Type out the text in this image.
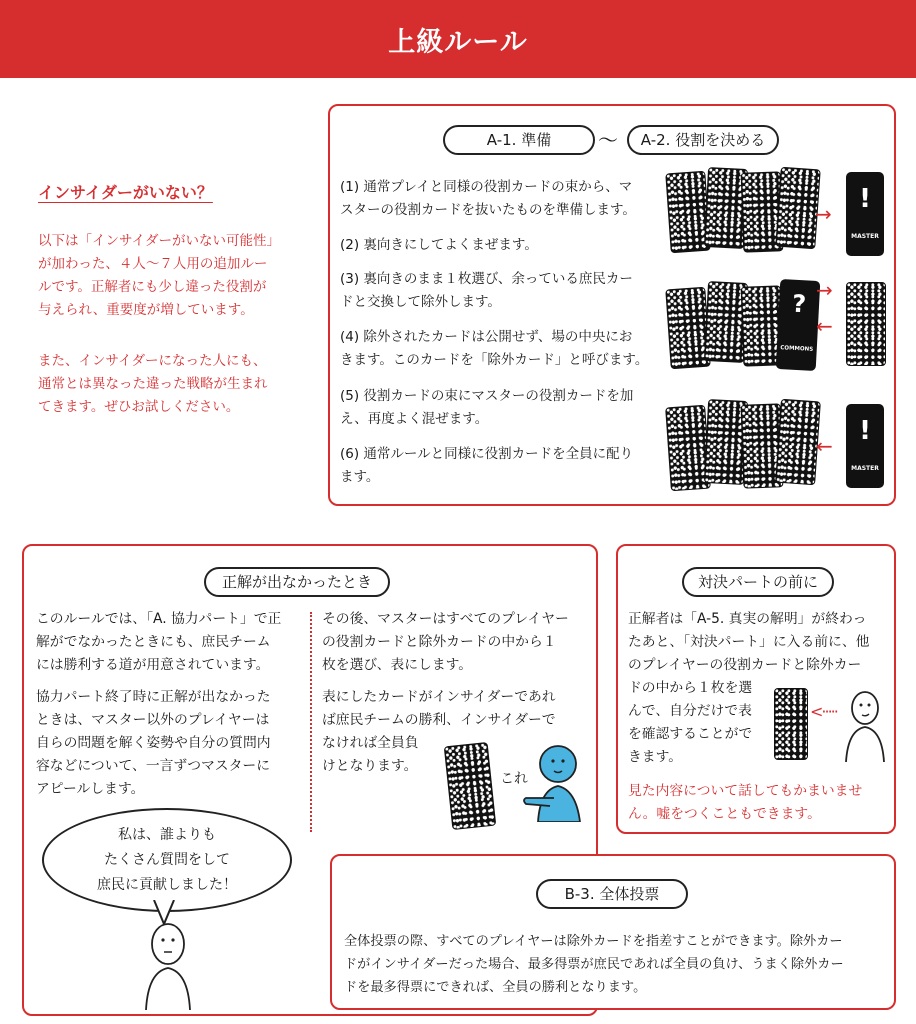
上級ルール
インサイダーがいない？
以下は「インサイダーがいない可能性」
が加わった、４人〜７人用の追加ルー
ルです。正解者にも少し違った役割が
与えられ、重要度が増しています。
また、インサイダーになった人にも、
通常とは異なった違った戦略が生まれ
てきます。ぜひお試しください。
A-1. 準備	〜	A-2. 役割を決める
(1) 通常プレイと同様の役割カードの束から、マ
スターの役割カードを抜いたものを準備します。
(2) 裏向きにしてよくまぜます。
(3) 裏向きのまま１枚選び、余っている庶民カー
ドと交換して除外します。
(4) 除外されたカードは公開せず、場の中央にお
きます。このカードを「除外カード」と呼びます。
(5) 役割カードの束にマスターの役割カードを加
え、再度よく混ぜます。
(6) 通常ルールと同様に役割カードを全員に配り
ます。
→	!
MASTER
?
COMMONS
→
←
←	!
MASTER
正解が出なかったとき
このルールでは、「A. 協力パート」で正
解がでなかったときにも、庶民チーム
には勝利する道が用意されています。
協力パート終了時に正解が出なかった
ときは、マスター以外のプレイヤーは
自らの問題を解く姿勢や自分の質問内
容などについて、一言ずつマスターに
アピールします。
その後、マスターはすべてのプレイヤー
の役割カードと除外カードの中から１
枚を選び、表にします。
表にしたカードがインサイダーであれ
ば庶民チームの勝利、インサイダーで
なければ全員負
けとなります。
これ
私は、誰よりも
たくさん質問をして
庶民に貢献しました！
対決パートの前に
正解者は「A-5. 真実の解明」が終わっ
たあと、「対決パート」に入る前に、他
のプレイヤーの役割カードと除外カー
ドの中から１枚を選
んで、自分だけで表
を確認することがで
きます。
<·····
見た内容について話してもかまいませ
ん。嘘をつくこともできます。
B-3. 全体投票
全体投票の際、すべてのプレイヤーは除外カードを指差すことができます。除外カー
ドがインサイダーだった場合、最多得票が庶民であれば全員の負け、うまく除外カー
ドを最多得票にできれば、全員の勝利となります。
